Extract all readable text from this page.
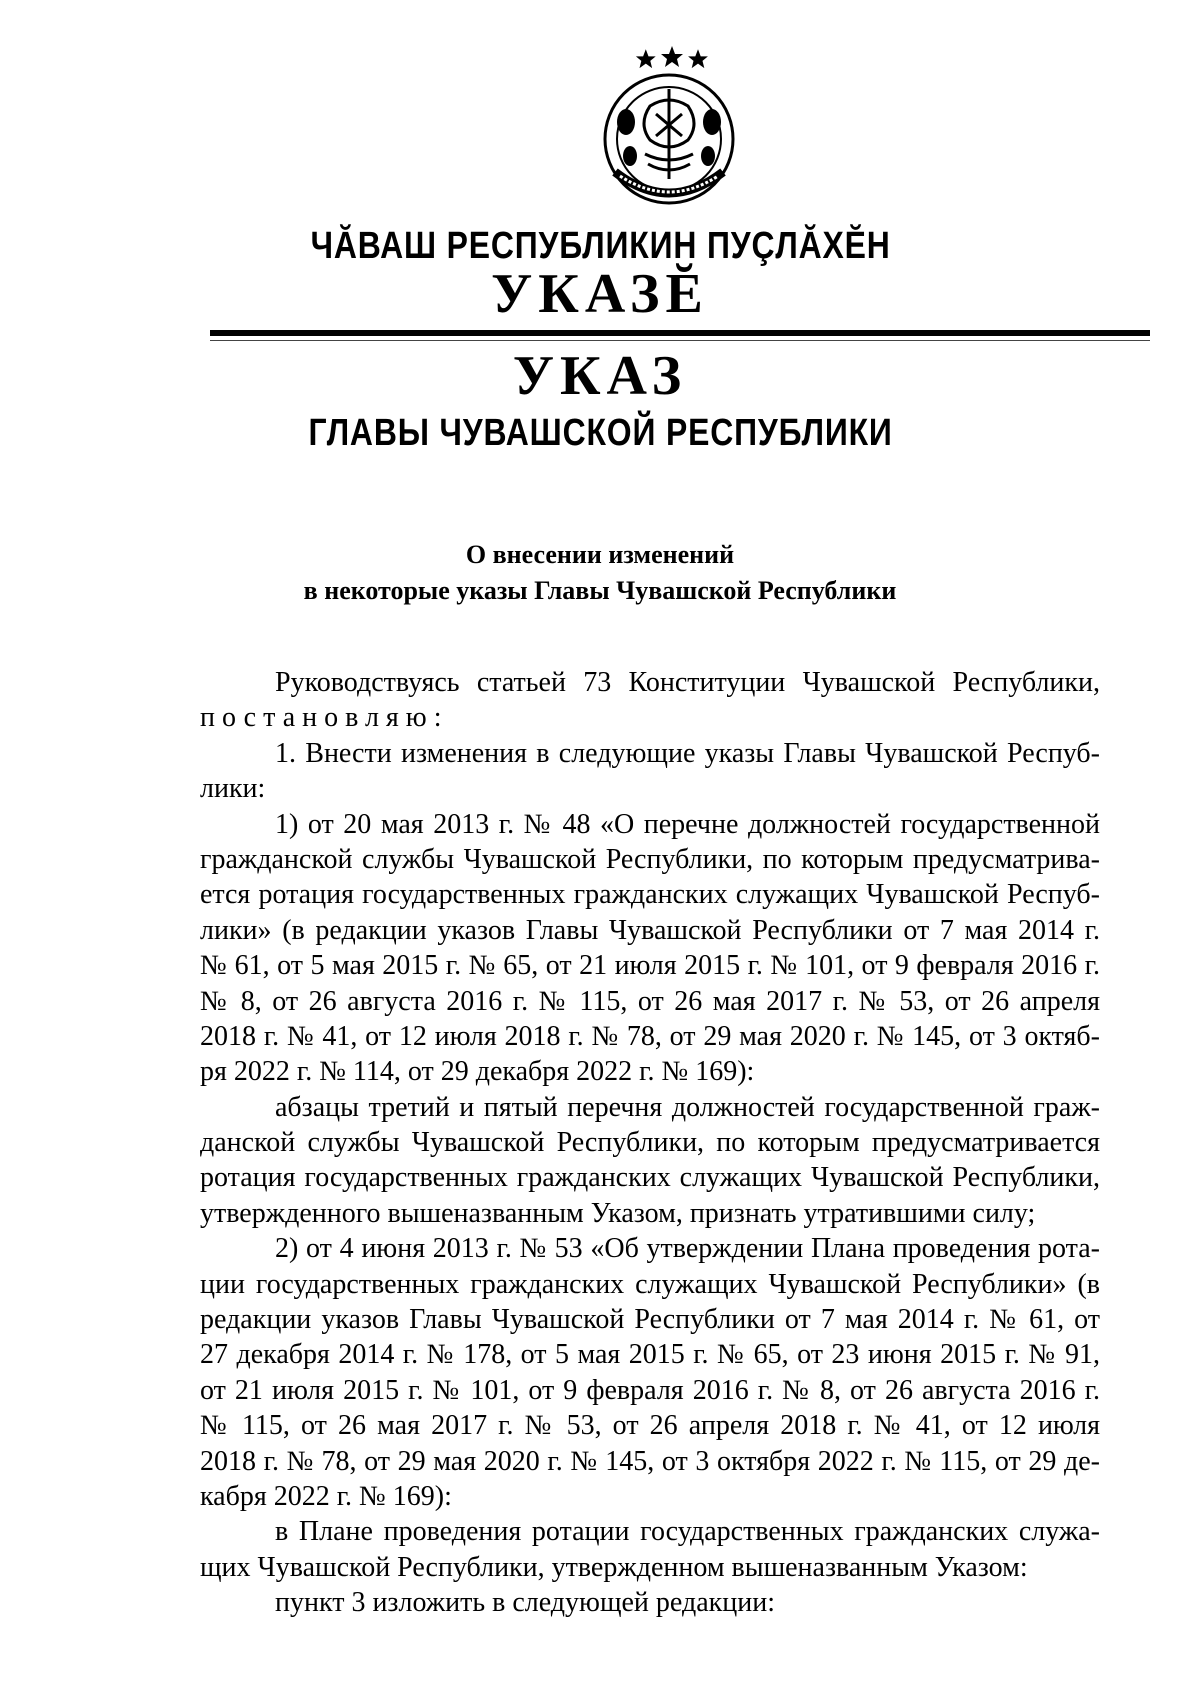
ЧĂВАШ РЕСПУБЛИКИН ПУÇЛĂХĔН
УКАЗĔ
УКАЗ
ГЛАВЫ ЧУВАШСКОЙ РЕСПУБЛИКИ
О внесении изменений
в некоторые указы Главы Чувашской Республики
Руководствуясь статьей 73 Конституции Чувашской Республики,
постановляю:
1. Внести изменения в следующие указы Главы Чувашской Респуб-
лики:
1) от 20 мая 2013 г. № 48 «О перечне должностей государственной
гражданской службы Чувашской Республики, по которым предусматрива-
ется ротация государственных гражданских служащих Чувашской Респуб-
лики» (в редакции указов Главы Чувашской Республики от 7 мая 2014 г.
№ 61, от 5 мая 2015 г. № 65, от 21 июля 2015 г. № 101, от 9 февраля 2016 г.
№ 8, от 26 августа 2016 г. № 115, от 26 мая 2017 г. № 53, от 26 апреля
2018 г. № 41, от 12 июля 2018 г. № 78, от 29 мая 2020 г. № 145, от 3 октяб-
ря 2022 г. № 114, от 29 декабря 2022 г. № 169):
абзацы третий и пятый перечня должностей государственной граж-
данской службы Чувашской Республики, по которым предусматривается
ротация государственных гражданских служащих Чувашской Республики,
утвержденного вышеназванным Указом, признать утратившими силу;
2) от 4 июня 2013 г. № 53 «Об утверждении Плана проведения рота-
ции государственных гражданских служащих Чувашской Республики» (в
редакции указов Главы Чувашской Республики от 7 мая 2014 г. № 61, от
27 декабря 2014 г. № 178, от 5 мая 2015 г. № 65, от 23 июня 2015 г. № 91,
от 21 июля 2015 г. № 101, от 9 февраля 2016 г. № 8, от 26 августа 2016 г.
№ 115, от 26 мая 2017 г. № 53, от 26 апреля 2018 г. № 41, от 12 июля
2018 г. № 78, от 29 мая 2020 г. № 145, от 3 октября 2022 г. № 115, от 29 де-
кабря 2022 г. № 169):
в Плане проведения ротации государственных гражданских служа-
щих Чувашской Республики, утвержденном вышеназванным Указом:
пункт 3 изложить в следующей редакции:
